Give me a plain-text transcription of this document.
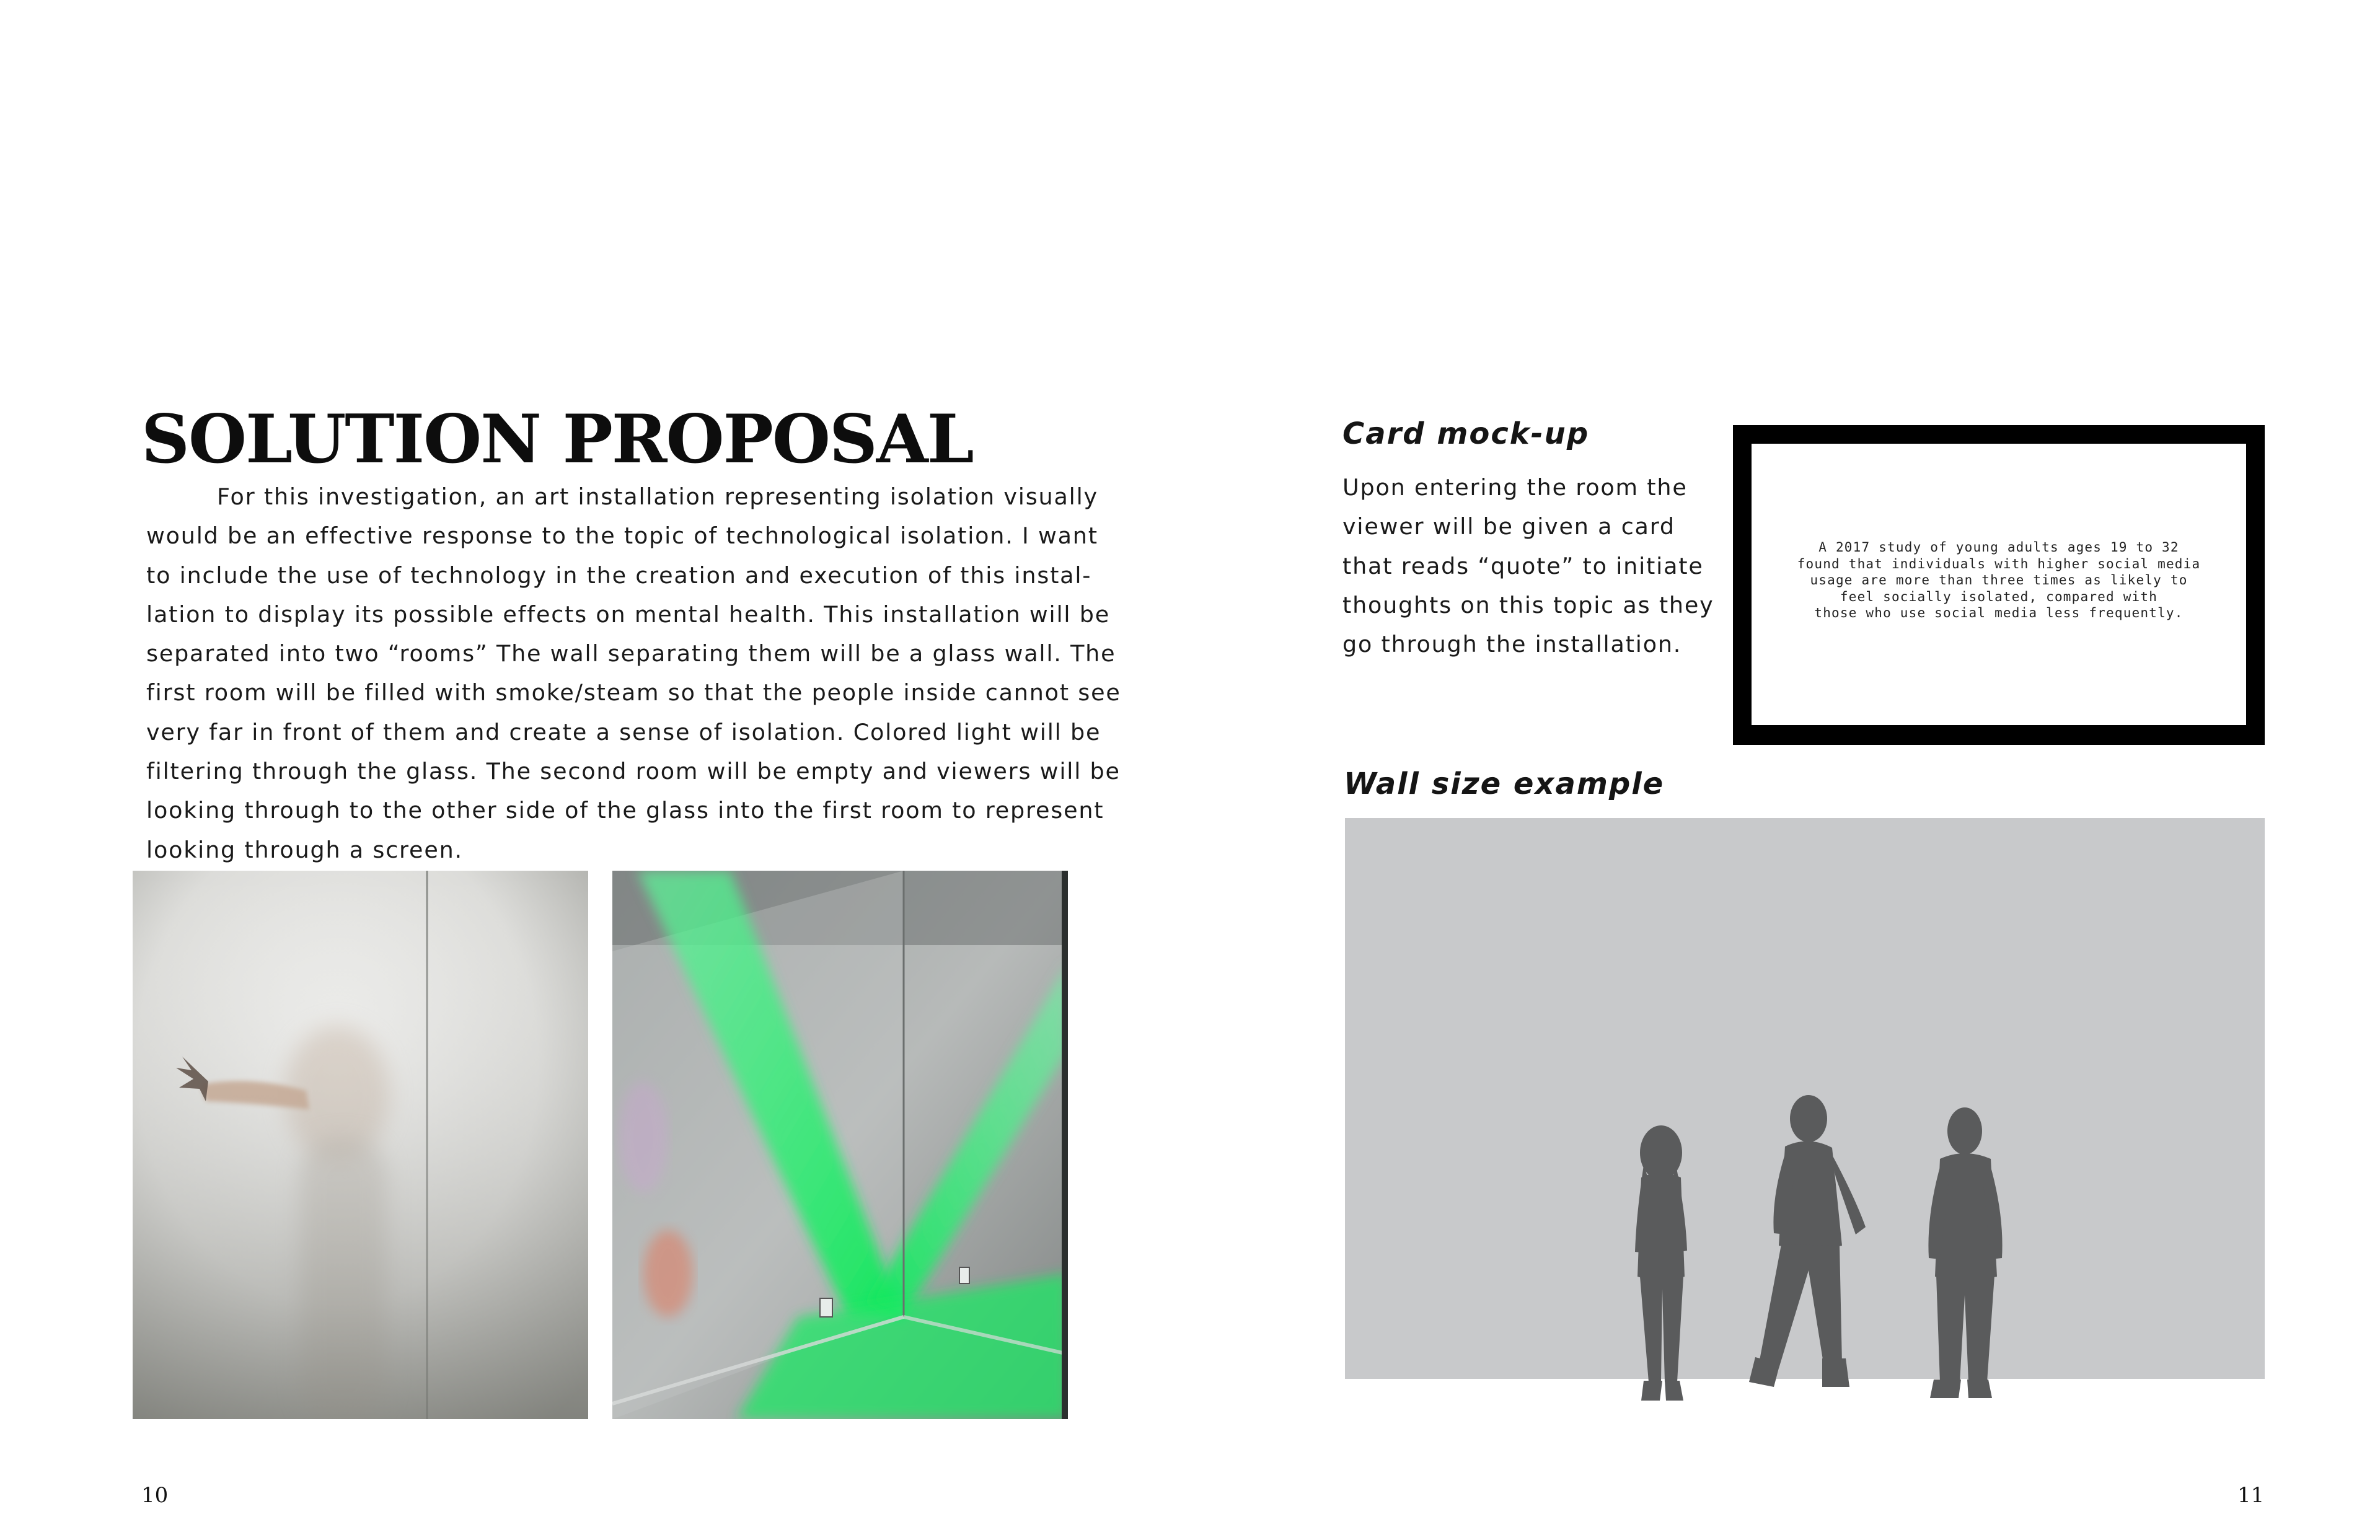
SOLUTION PROPOSAL
For this investigation, an art installation representing isolation visually
would be an effective response to the topic of technological isolation. I want
to include the use of technology in the creation and execution of this instal-
lation to display its possible effects on mental health. This installation will be
separated into two “rooms” The wall separating them will be a glass wall. The
first room will be filled with smoke/steam so that the people inside cannot see
very far in front of them and create a sense of isolation. Colored light will be
filtering through the glass. The second room will be empty and viewers will be
looking through to the other side of the glass into the first room to represent
looking through a screen.
10
Card mock-up
Upon entering the room the
viewer will be given a card
that reads “quote” to initiate
thoughts on this topic as they
go through the installation.
A 2017 study of young adults ages 19 to 32
found that individuals with higher social media
usage are more than three times as likely to
feel socially isolated, compared with
those who use social media less frequently.
Wall size example
11
